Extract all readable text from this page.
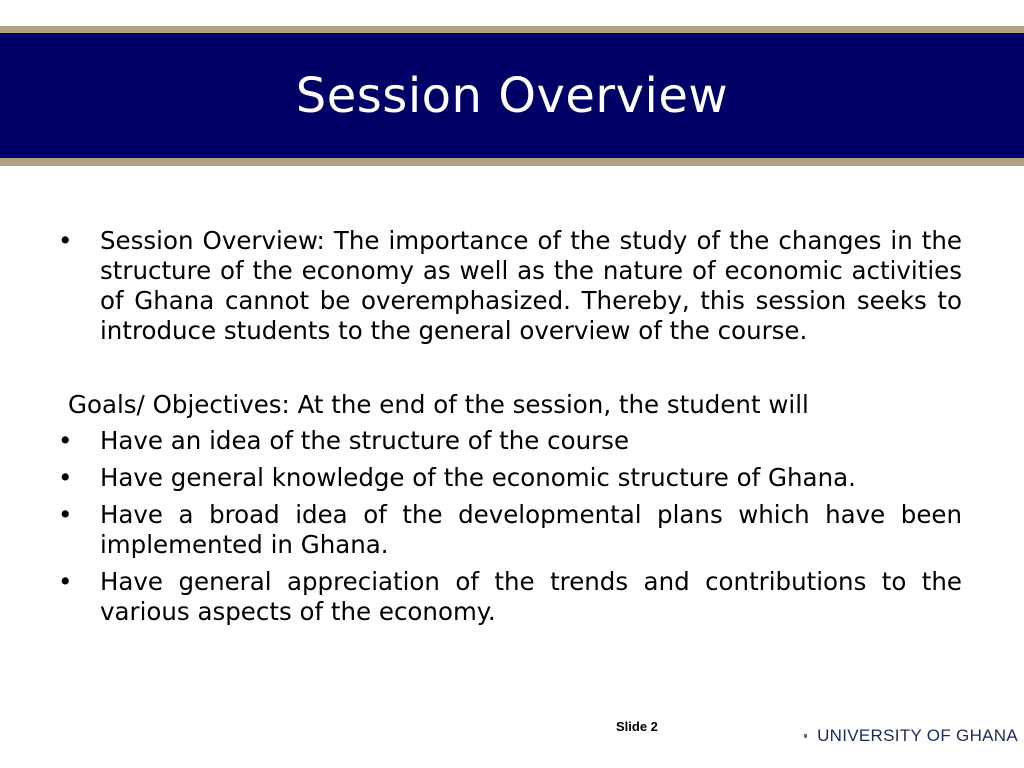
Session Overview
• Session Overview: The importance of the study of the changes in the structure of the economy as well as the nature of economic activities of Ghana cannot be overemphasized. Thereby, this session seeks to introduce students to the general overview of the course.
Goals/ Objectives: At the end of the session, the student will
• Have an idea of the structure of the course
• Have general knowledge of the economic structure of Ghana.
• Have a broad idea of the developmental plans which have been implemented in Ghana.
• Have general appreciation of the trends and contributions to the various aspects of the economy.
Slide 2	UNIVERSITY OF GHANA
